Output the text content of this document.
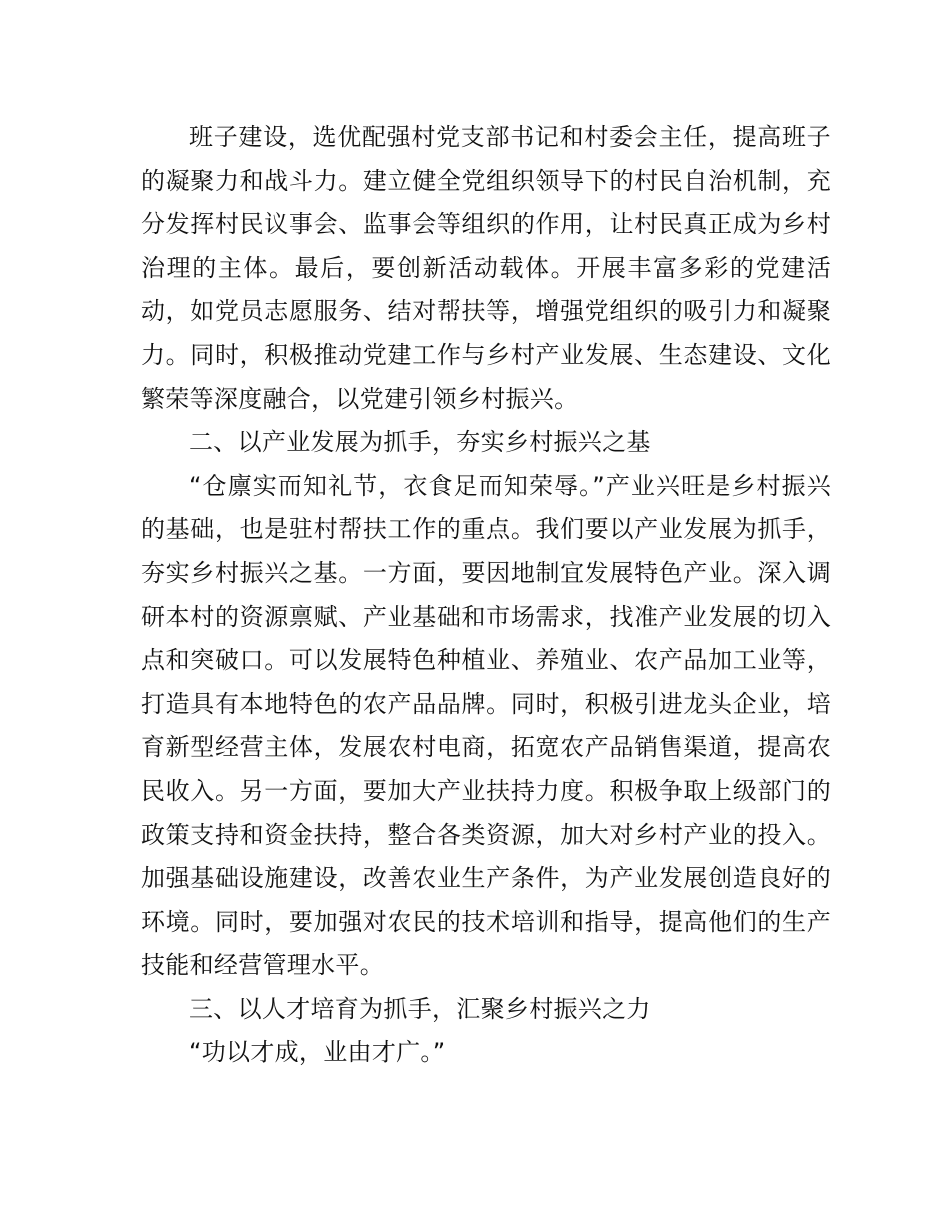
班子建设，选优配强村党支部书记和村委会主任，提高班子的凝聚力和战斗力。建立健全党组织领导下的村民自治机制，充分发挥村民议事会、监事会等组织的作用，让村民真正成为乡村治理的主体。最后，要创新活动载体。开展丰富多彩的党建活动，如党员志愿服务、结对帮扶等，增强党组织的吸引力和凝聚力。同时，积极推动党建工作与乡村产业发展、生态建设、文化繁荣等深度融合，以党建引领乡村振兴。

二、以产业发展为抓手，夯实乡村振兴之基

“仓廪实而知礼节，衣食足而知荣辱。”产业兴旺是乡村振兴的基础，也是驻村帮扶工作的重点。我们要以产业发展为抓手，夯实乡村振兴之基。一方面，要因地制宜发展特色产业。深入调研本村的资源禀赋、产业基础和市场需求，找准产业发展的切入点和突破口。可以发展特色种植业、养殖业、农产品加工业等，打造具有本地特色的农产品品牌。同时，积极引进龙头企业，培育新型经营主体，发展农村电商，拓宽农产品销售渠道，提高农民收入。另一方面，要加大产业扶持力度。积极争取上级部门的政策支持和资金扶持，整合各类资源，加大对乡村产业的投入。加强基础设施建设，改善农业生产条件，为产业发展创造良好的环境。同时，要加强对农民的技术培训和指导，提高他们的生产技能和经营管理水平。

三、以人才培育为抓手，汇聚乡村振兴之力

“功以才成，业由才广。”
